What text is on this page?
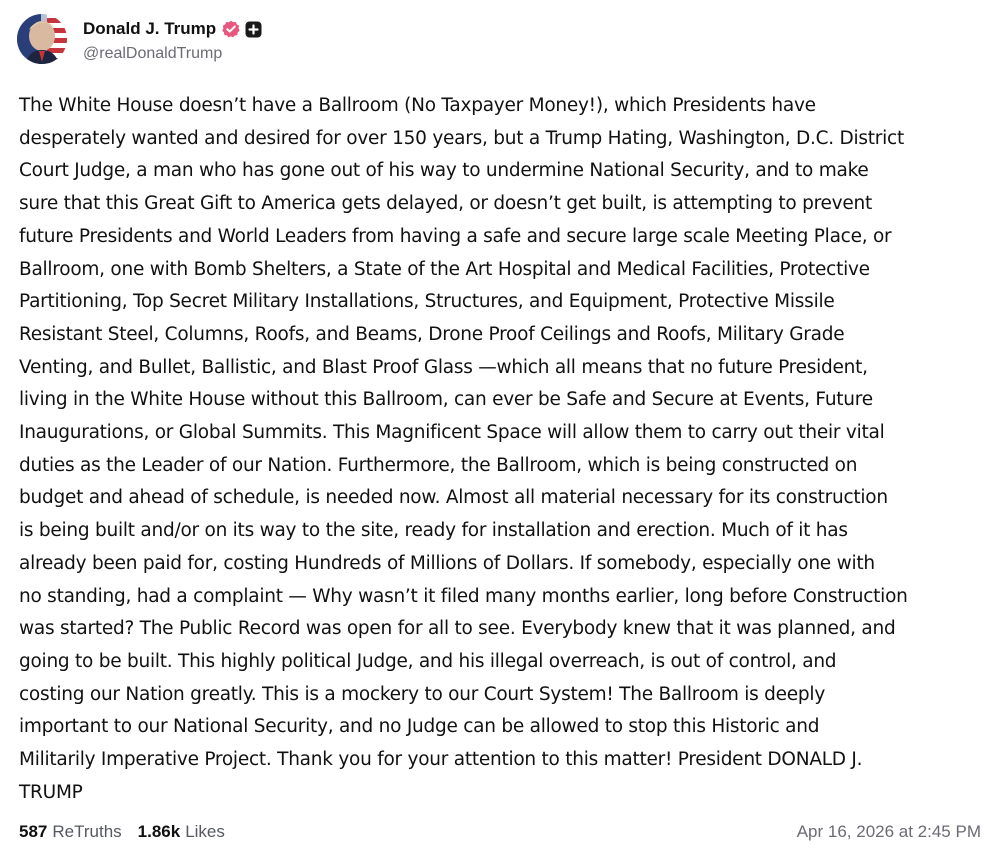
Donald J. Trump
@realDonaldTrump
The White House doesn’t have a Ballroom (No Taxpayer Money!), which Presidents have
desperately wanted and desired for over 150 years, but a Trump Hating, Washington, D.C. District
Court Judge, a man who has gone out of his way to undermine National Security, and to make
sure that this Great Gift to America gets delayed, or doesn’t get built, is attempting to prevent
future Presidents and World Leaders from having a safe and secure large scale Meeting Place, or
Ballroom, one with Bomb Shelters, a State of the Art Hospital and Medical Facilities, Protective
Partitioning, Top Secret Military Installations, Structures, and Equipment, Protective Missile
Resistant Steel, Columns, Roofs, and Beams, Drone Proof Ceilings and Roofs, Military Grade
Venting, and Bullet, Ballistic, and Blast Proof Glass —which all means that no future President,
living in the White House without this Ballroom, can ever be Safe and Secure at Events, Future
Inaugurations, or Global Summits. This Magnificent Space will allow them to carry out their vital
duties as the Leader of our Nation. Furthermore, the Ballroom, which is being constructed on
budget and ahead of schedule, is needed now. Almost all material necessary for its construction
is being built and/or on its way to the site, ready for installation and erection. Much of it has
already been paid for, costing Hundreds of Millions of Dollars. If somebody, especially one with
no standing, had a complaint — Why wasn’t it filed many months earlier, long before Construction
was started? The Public Record was open for all to see. Everybody knew that it was planned, and
going to be built. This highly political Judge, and his illegal overreach, is out of control, and
costing our Nation greatly. This is a mockery to our Court System! The Ballroom is deeply
important to our National Security, and no Judge can be allowed to stop this Historic and
Militarily Imperative Project. Thank you for your attention to this matter! President DONALD J.
TRUMP
587 ReTruths 1.86k Likes	Apr 16, 2026 at 2:45 PM
